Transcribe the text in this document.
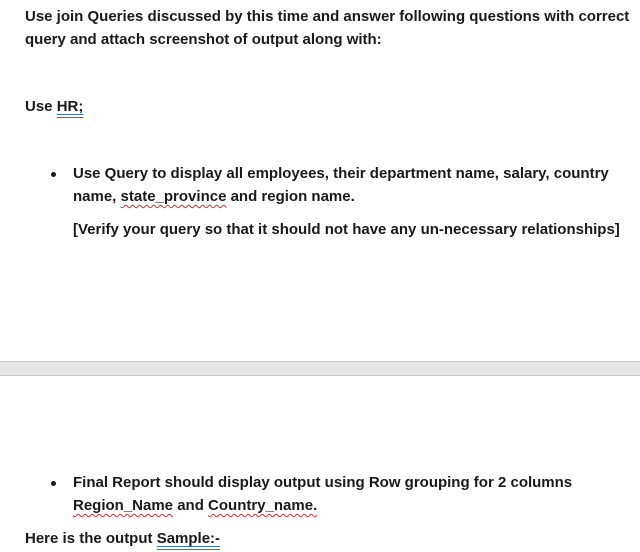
Use join Queries discussed by this time and answer following questions with correct
query and attach screenshot of output along with:
Use HR;
Use Query to display all employees, their department name, salary, country
name, state_province and region name.
[Verify your query so that it should not have any un-necessary relationships]
Final Report should display output using Row grouping for 2 columns
Region_Name and Country_name.
Here is the output Sample:-
